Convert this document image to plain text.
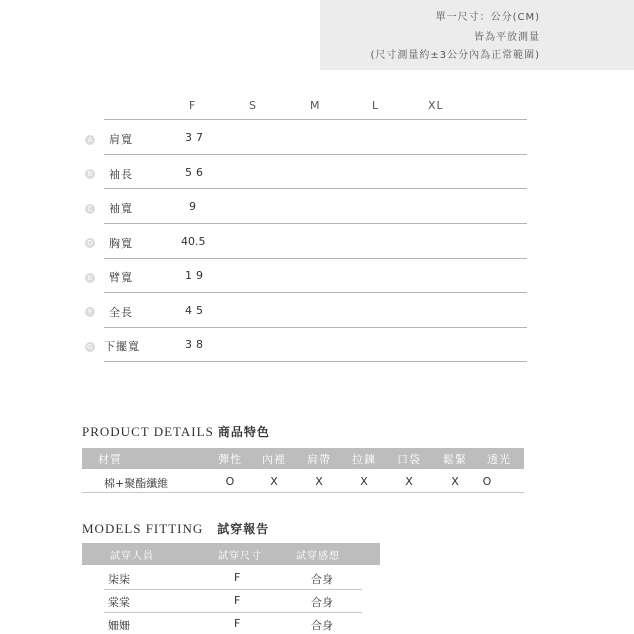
單一尺寸：公分(CM)
皆為平放測量
(尺寸測量約±3公分內為正常範圍)
F	S	M	L	XL
A 肩寬	37
B 袖長	56
C 袖寬	9
D 胸寬	40.5
E 臂寬	19
F 全長	45
G 下擺寬	38
PRODUCT DETAILS 商品特色
材質	彈性 內裡 肩帶 拉鍊 口袋 鬆緊 透光
棉+聚酯纖維	O	X	X	X	X	X O
MODELS FITTING 試穿報告
試穿人員	試穿尺寸	試穿感想
柒柒	F	合身
棠棠	F	合身
姍姍	F	合身
